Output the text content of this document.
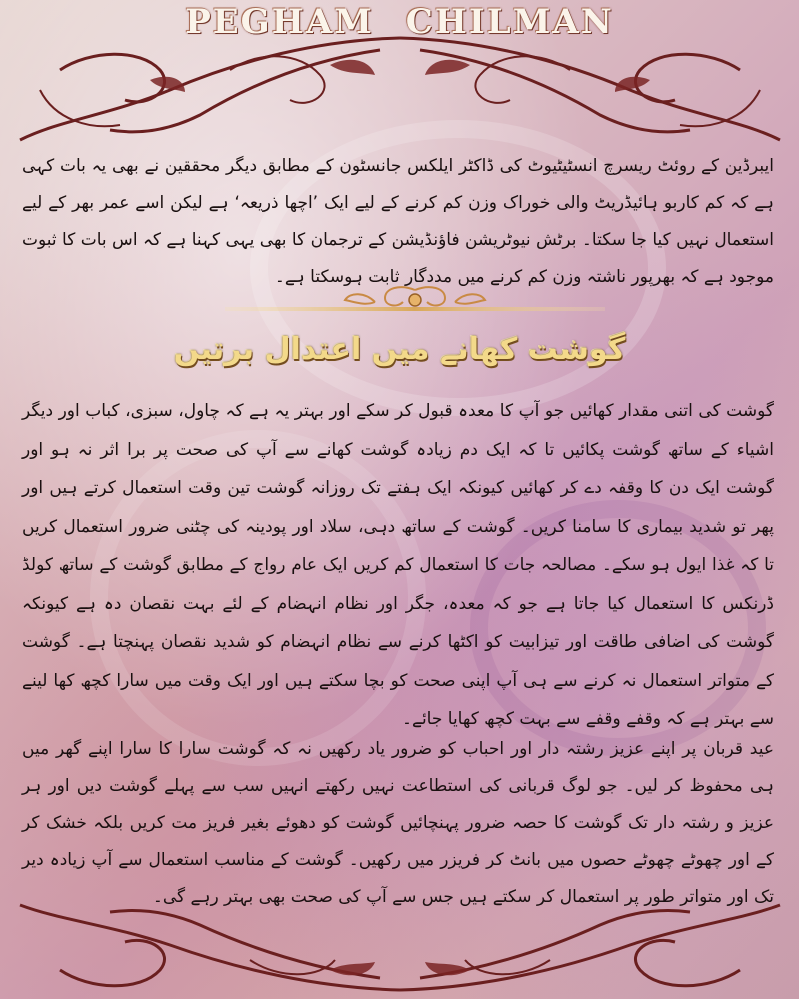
PEGHAM CHILMAN
ایبرڈین کے روئٹ ریسرچ انسٹیٹیوٹ کی ڈاکٹر ایلکس جانسٹون کے مطابق دیگر محققین نے بھی یہ بات کہی ہے کہ کم کاربو ہائیڈریٹ والی خوراک وزن کم کرنے کے لیے ایک ’اچھا ذریعہ‘ ہے لیکن اسے عمر بھر کے لیے استعمال نہیں کیا جا سکتا۔ برٹش نیوٹریشن فاؤنڈیشن کے ترجمان کا بھی یہی کہنا ہے کہ اس بات کا ثبوت موجود ہے کہ بھرپور ناشتہ وزن کم کرنے میں مددگار ثابت ہوسکتا ہے۔
گوشت کھانے میں اعتدال برتیں
گوشت کی اتنی مقدار کھائیں جو آپ کا معدہ قبول کر سکے اور بہتر یہ ہے کہ چاول، سبزی، کباب اور دیگر اشیاء کے ساتھ گوشت پکائیں تا کہ ایک دم زیادہ گوشت کھانے سے آپ کی صحت پر برا اثر نہ ہو اور گوشت ایک دن کا وقفہ دے کر کھائیں کیونکہ ایک ہفتے تک روزانہ گوشت تین وقت استعمال کرتے ہیں اور پھر تو شدید بیماری کا سامنا کریں۔ گوشت کے ساتھ دہی، سلاد اور پودینہ کی چٹنی ضرور استعمال کریں تا کہ غذا ایول ہو سکے۔ مصالحہ جات کا استعمال کم کریں ایک عام رواج کے مطابق گوشت کے ساتھ کولڈ ڈرنکس کا استعمال کیا جاتا ہے جو کہ معدہ، جگر اور نظام انہضام کے لئے بہت نقصان دہ ہے کیونکہ گوشت کی اضافی طاقت اور تیزابیت کو اکٹھا کرنے سے نظام انہضام کو شدید نقصان پہنچتا ہے۔ گوشت کے متواتر استعمال نہ کرنے سے ہی آپ اپنی صحت کو بچا سکتے ہیں اور ایک وقت میں سارا کچھ کھا لینے سے بہتر ہے کہ وقفے وقفے سے بہت کچھ کھایا جائے۔
عید قربان پر اپنے عزیز رشتہ دار اور احباب کو ضرور یاد رکھیں نہ کہ گوشت سارا کا سارا اپنے گھر میں ہی محفوظ کر لیں۔ جو لوگ قربانی کی استطاعت نہیں رکھتے انہیں سب سے پہلے گوشت دیں اور ہر عزیز و رشتہ دار تک گوشت کا حصہ ضرور پہنچائیں گوشت کو دھوئے بغیر فریز مت کریں بلکہ خشک کر کے اور چھوٹے چھوٹے حصوں میں بانٹ کر فریزر میں رکھیں۔ گوشت کے مناسب استعمال سے آپ زیادہ دیر تک اور متواتر طور پر استعمال کر سکتے ہیں جس سے آپ کی صحت بھی بہتر رہے گی۔
